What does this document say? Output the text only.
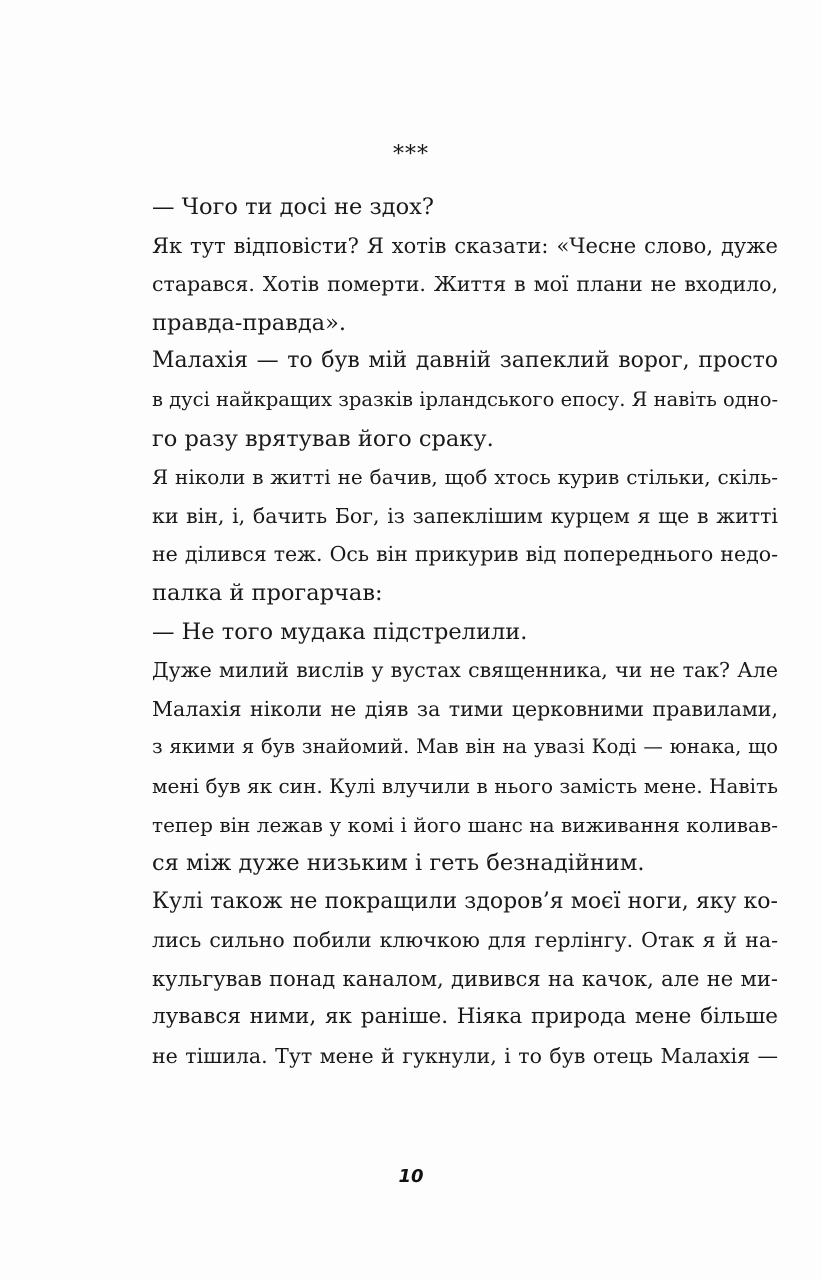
***
— Чого ти досі не здох?
Як тут відповісти? Я хотів сказати: «Чесне слово, дуже
старався. Хотів померти. Життя в мої плани не входило,
правда-правда».
Малахія — то був мій давній запеклий ворог, просто
в дусі найкращих зразків ірландського епосу. Я навіть одно-
го разу врятував його сраку.
Я ніколи в житті не бачив, щоб хтось курив стільки, скіль-
ки він, і, бачить Бог, із запеклішим курцем я ще в житті
не ділився теж. Ось він прикурив від попереднього недо-
палка й прогарчав:
— Не того мудака підстрелили.
Дуже милий вислів у вустах священника, чи не так? Але
Малахія ніколи не діяв за тими церковними правилами,
з якими я був знайомий. Мав він на увазі Коді — юнака, що
мені був як син. Кулі влучили в нього замість мене. Навіть
тепер він лежав у комі і його шанс на виживання коливав-
ся між дуже низьким і геть безнадійним.
Кулі також не покращили здоров’я моєї ноги, яку ко-
лись сильно побили ключкою для герлінгу. Отак я й на-
кульгував понад каналом, дивився на качок, але не ми-
лувався ними, як раніше. Ніяка природа мене більше
не тішила. Тут мене й гукнули, і то був отець Малахія —
10
